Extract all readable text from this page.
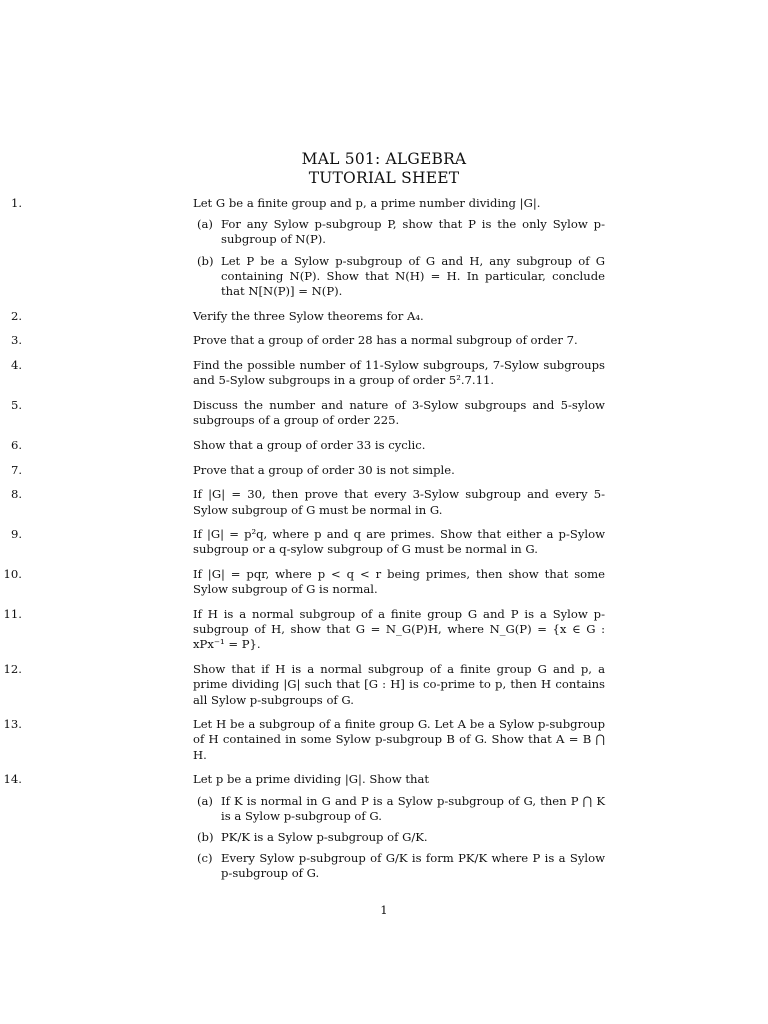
MAL 501: ALGEBRA
TUTORIAL SHEET
1.	Let G be a finite group and p, a prime number dividing |G|.
(a) For any Sylow p-subgroup P, show that P is the only Sylow p-subgroup of N(P).
(b) Let P be a Sylow p-subgroup of G and H, any subgroup of G containing N(P). Show that N(H) = H. In particular, conclude that N[N(P)] = N(P).
2.	Verify the three Sylow theorems for A₄.
3.	Prove that a group of order 28 has a normal subgroup of order 7.
4.	Find the possible number of 11-Sylow subgroups, 7-Sylow subgroups and 5-Sylow subgroups in a group of order 5².7.11.
5.	Discuss the number and nature of 3-Sylow subgroups and 5-sylow subgroups of a group of order 225.
6.	Show that a group of order 33 is cyclic.
7.	Prove that a group of order 30 is not simple.
8.	If |G| = 30, then prove that every 3-Sylow subgroup and every 5-Sylow subgroup of G must be normal in G.
9.	If |G| = p²q, where p and q are primes. Show that either a p-Sylow subgroup or a q-sylow subgroup of G must be normal in G.
10.	If |G| = pqr, where p < q < r being primes, then show that some Sylow subgroup of G is normal.
11.	If H is a normal subgroup of a finite group G and P is a Sylow p-subgroup of H, show that G = N_G(P)H, where N_G(P) = {x ∈ G : xPx⁻¹ = P}.
12.	Show that if H is a normal subgroup of a finite group G and p, a prime dividing |G| such that [G : H] is co-prime to p, then H contains all Sylow p-subgroups of G.
13.	Let H be a subgroup of a finite group G. Let A be a Sylow p-subgroup of H contained in some Sylow p-subgroup B of G. Show that A = B ⋂ H.
14.	Let p be a prime dividing |G|. Show that
(a) If K is normal in G and P is a Sylow p-subgroup of G, then P ⋂ K is a Sylow p-subgroup of G.
(b) PK/K is a Sylow p-subgroup of G/K.
(c) Every Sylow p-subgroup of G/K is form PK/K where P is a Sylow p-subgroup of G.
1
